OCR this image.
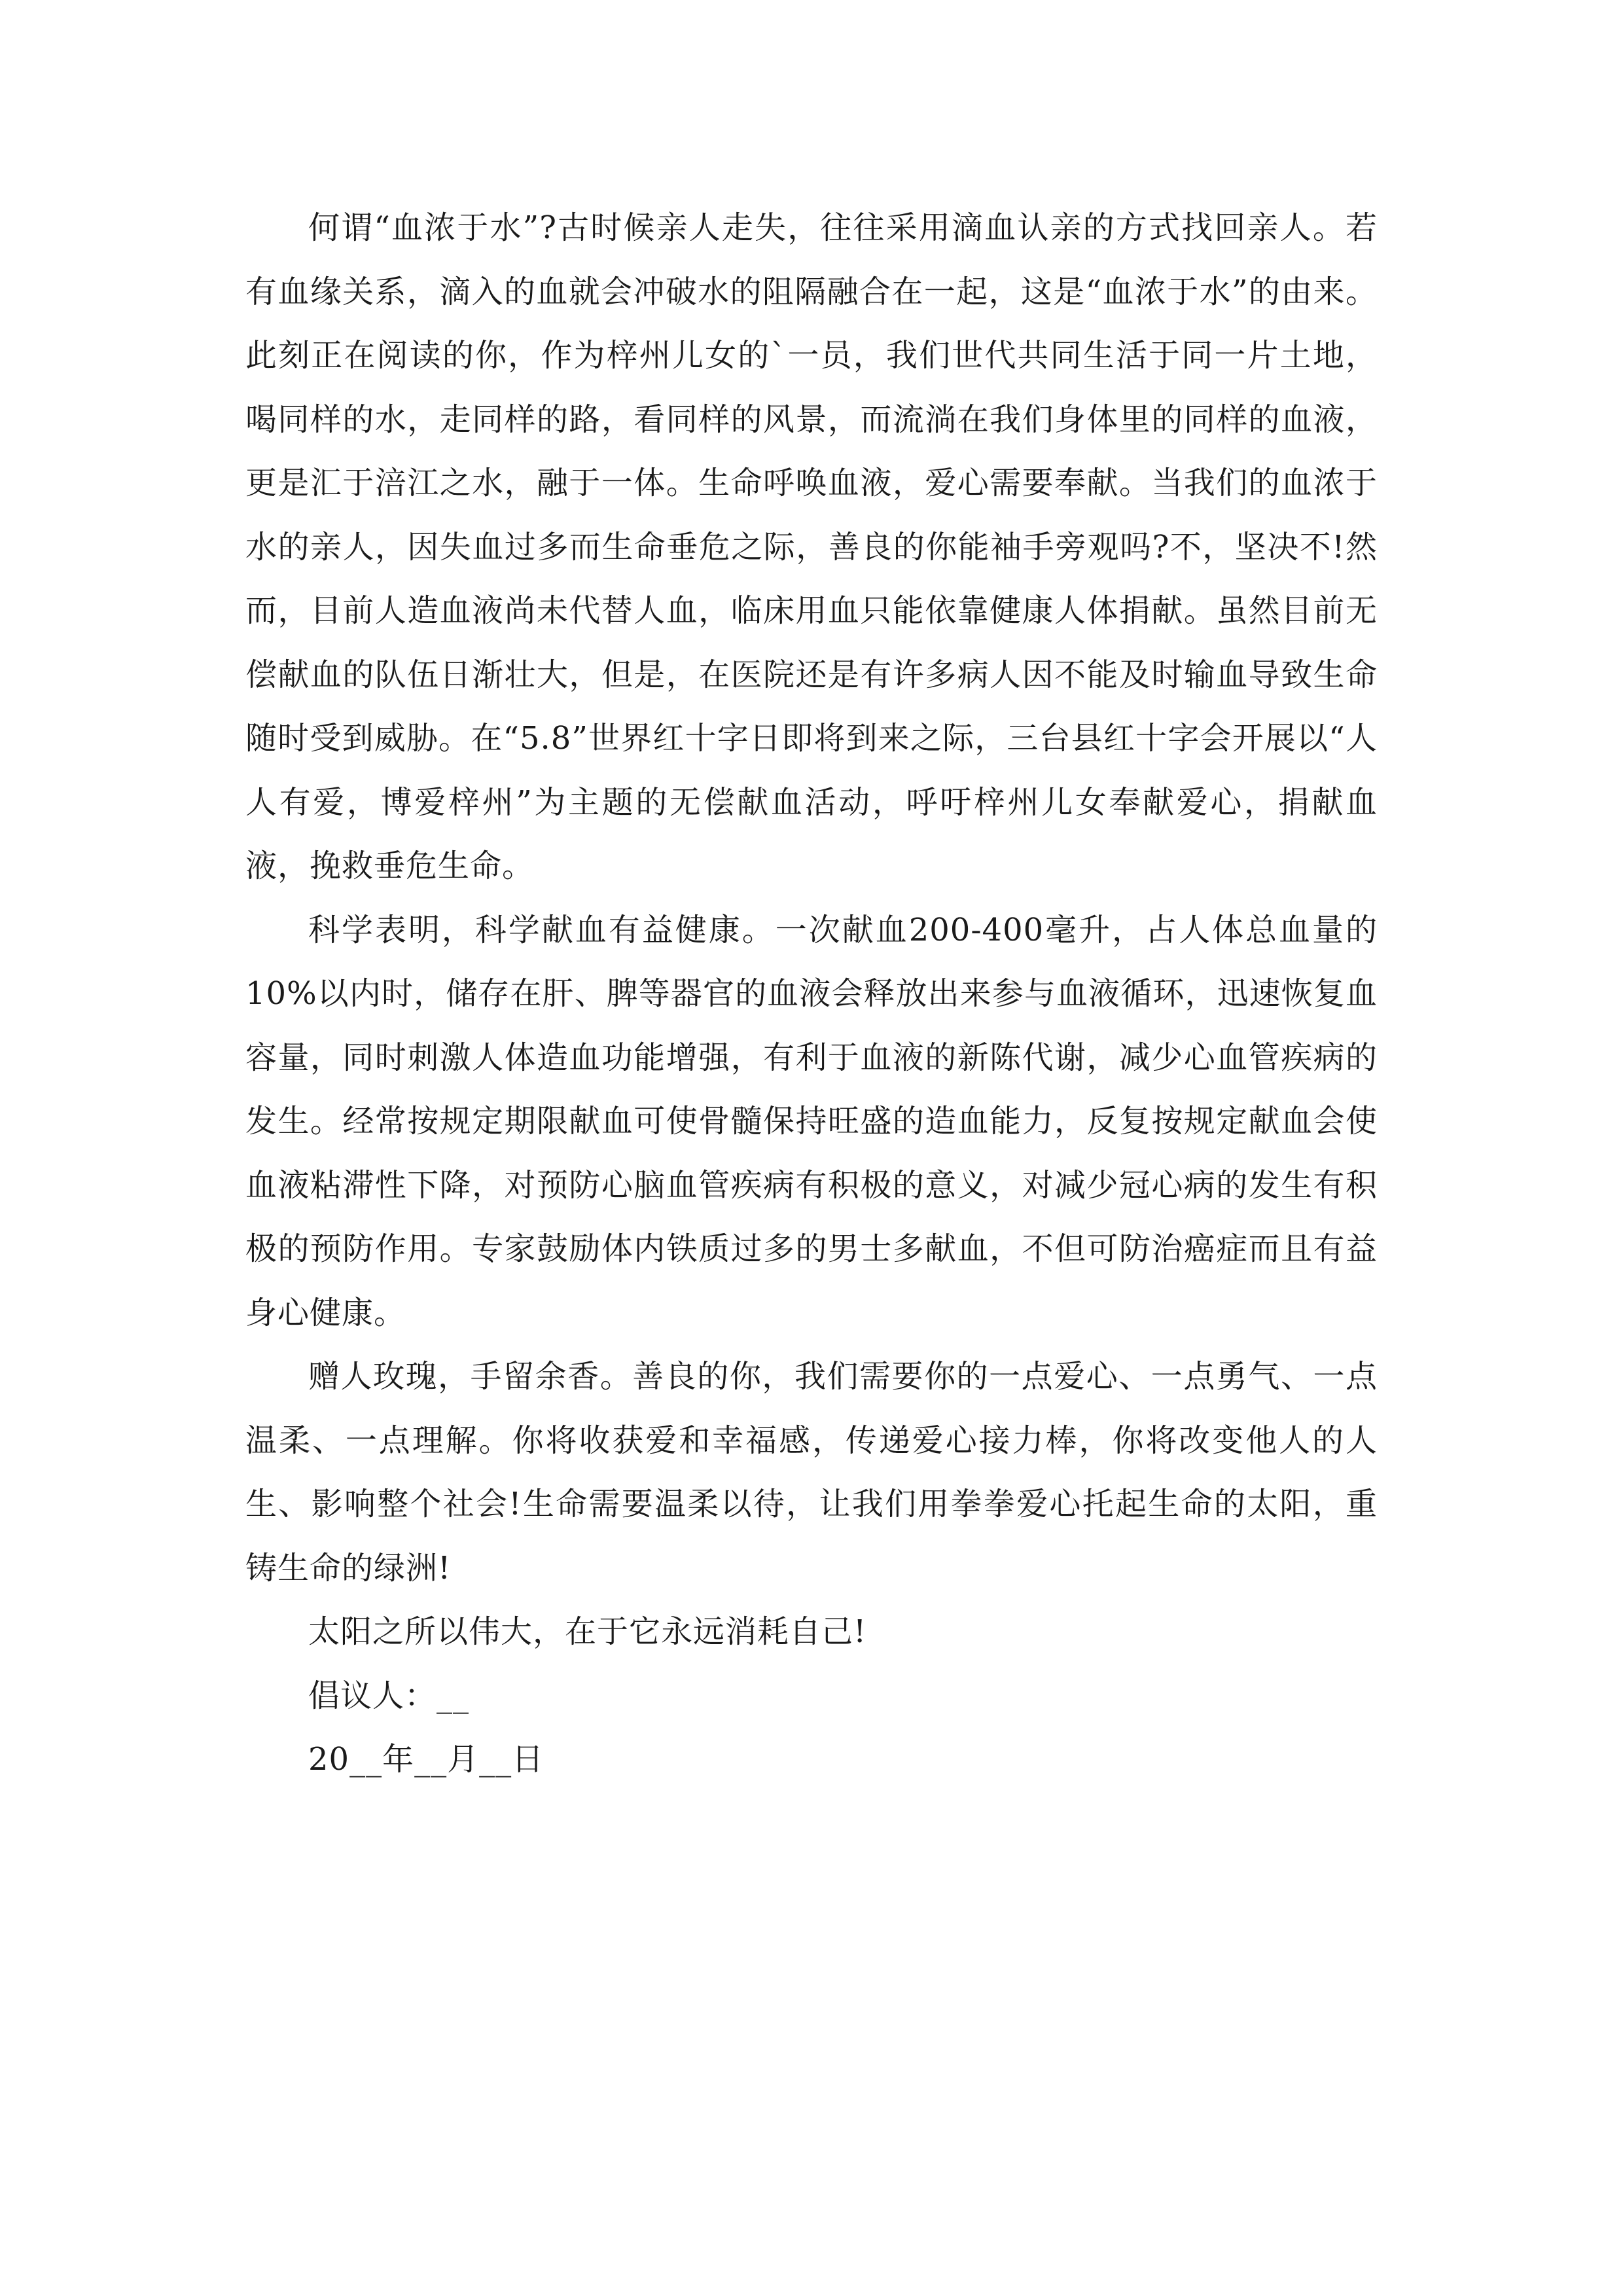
何谓“血浓于水”?古时候亲人走失，往往采用滴血认亲的方式找回亲人。若有血缘关系，滴入的血就会冲破水的阻隔融合在一起，这是“血浓于水”的由来。此刻正在阅读的你，作为梓州儿女的`一员，我们世代共同生活于同一片土地，喝同样的水，走同样的路，看同样的风景，而流淌在我们身体里的同样的血液，更是汇于涪江之水，融于一体。生命呼唤血液，爱心需要奉献。当我们的血浓于水的亲人，因失血过多而生命垂危之际，善良的你能袖手旁观吗?不，坚决不!然而，目前人造血液尚未代替人血，临床用血只能依靠健康人体捐献。虽然目前无偿献血的队伍日渐壮大，但是，在医院还是有许多病人因不能及时输血导致生命随时受到威胁。在“5.8”世界红十字日即将到来之际，三台县红十字会开展以“人人有爱，博爱梓州”为主题的无偿献血活动，呼吁梓州儿女奉献爱心，捐献血液，挽救垂危生命。

科学表明，科学献血有益健康。一次献血200-400毫升，占人体总血量的10%以内时，储存在肝、脾等器官的血液会释放出来参与血液循环，迅速恢复血容量，同时刺激人体造血功能增强，有利于血液的新陈代谢，减少心血管疾病的发生。经常按规定期限献血可使骨髓保持旺盛的造血能力，反复按规定献血会使血液粘滞性下降，对预防心脑血管疾病有积极的意义，对减少冠心病的发生有积极的预防作用。专家鼓励体内铁质过多的男士多献血，不但可防治癌症而且有益身心健康。

赠人玫瑰，手留余香。善良的你，我们需要你的一点爱心、一点勇气、一点温柔、一点理解。你将收获爱和幸福感，传递爱心接力棒，你将改变他人的人生、影响整个社会!生命需要温柔以待，让我们用拳拳爱心托起生命的太阳，重铸生命的绿洲!

太阳之所以伟大，在于它永远消耗自己!

倡议人：__

20__年__月__日
